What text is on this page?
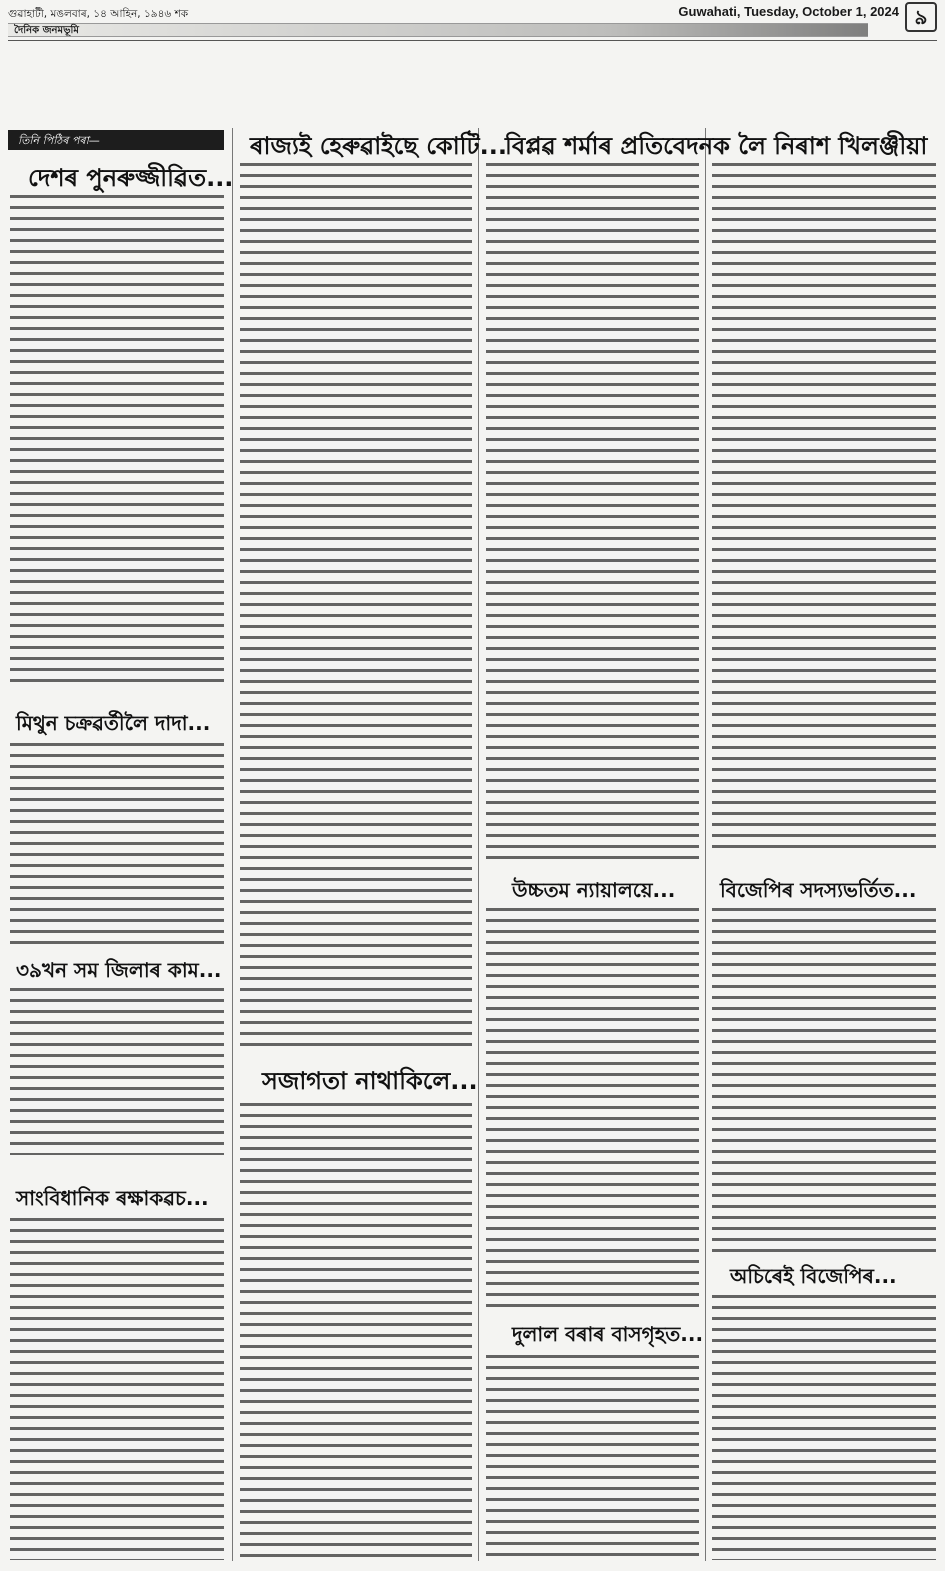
গুৱাহাটী, মঙলবাৰ, ১৪ আহিন, ১৯৪৬ শক	Guwahati, Tuesday, October 1, 2024 ৯
দৈনিক জনমভূমি
তিনি পিঠিৰ পৰা—
দেশৰ পুনৰুজ্জীৱিত...
মিথুন চক্ৰৱৰ্তীলৈ দাদা...
৩৯খন সম জিলাৰ কাম...
সাংবিধানিক ৰক্ষাকৱচ...
ৰাজ্যই হেৰুৱাইছে কোটি...
সজাগতা নাথাকিলে...
বিপ্লৱ শৰ্মাৰ প্ৰতিবেদনক লৈ নিৰাশ খিলঞ্জীয়া
উচ্চতম ন্যায়ালয়ে...
দুলাল বৰাৰ বাসগৃহত...
বিজেপিৰ সদস্যভৰ্তিত...
অচিৰেই বিজেপিৰ...
